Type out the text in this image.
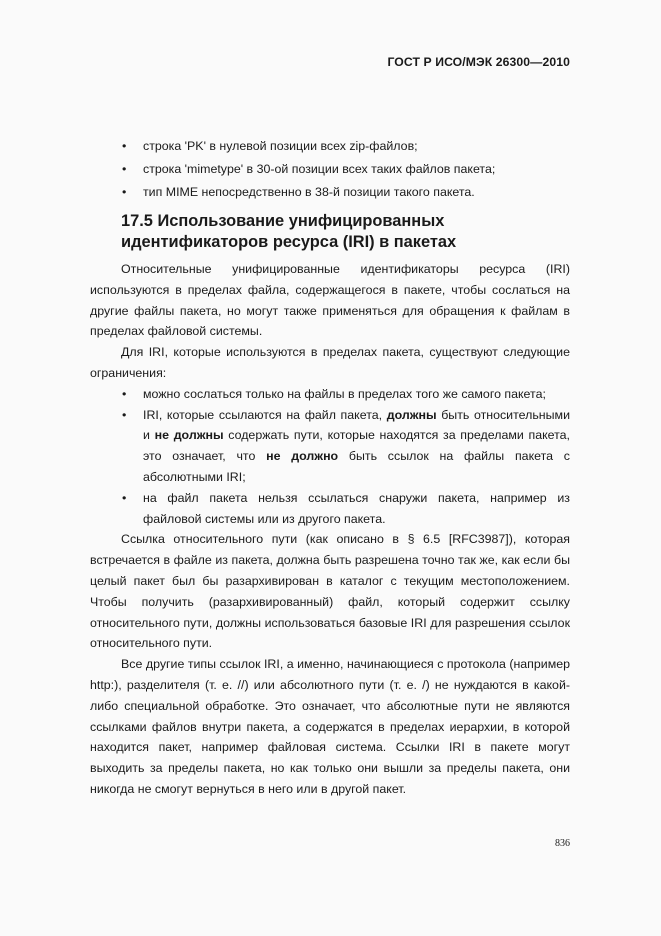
ГОСТ Р ИСО/МЭК 26300—2010
• строка 'PK' в нулевой позиции всех zip-файлов;
• строка 'mimetype' в 30-ой позиции всех таких файлов пакета;
• тип MIME непосредственно в 38-й позиции такого пакета.
17.5 Использование унифицированных
идентификаторов ресурса (IRI) в пакетах

Относительные унифицированные идентификаторы ресурса (IRI) используются в пределах файла, содержащегося в пакете, чтобы сослаться на другие файлы пакета, но могут также применяться для обращения к файлам в пределах файловой системы.

Для IRI, которые используются в пределах пакета, существуют следующие ограничения:

• можно сослаться только на файлы в пределах того же самого пакета;
• IRI, которые ссылаются на файл пакета, должны быть относительными и не должны содержать пути, которые находятся за пределами пакета, это означает, что не должно быть ссылок на файлы пакета с абсолютными IRI;
• на файл пакета нельзя ссылаться снаружи пакета, например из файловой системы или из другого пакета.

Ссылка относительного пути (как описано в § 6.5 [RFC3987]), которая встречается в файле из пакета, должна быть разрешена точно так же, как если бы целый пакет был бы разархивирован в каталог с текущим местоположением. Чтобы получить (разархивированный) файл, который содержит ссылку относительного пути, должны использоваться базовые IRI для разрешения ссылок относительного пути.

Все другие типы ссылок IRI, а именно, начинающиеся с протокола (например http:), разделителя (т. е. //) или абсолютного пути (т. е. /) не нуждаются в какой-либо специальной обработке. Это означает, что абсолютные пути не являются ссылками файлов внутри пакета, а содержатся в пределах иерархии, в которой находится пакет, например файловая система. Ссылки IRI в пакете могут выходить за пределы пакета, но как только они вышли за пределы пакета, они никогда не смогут вернуться в него или в другой пакет.

836
